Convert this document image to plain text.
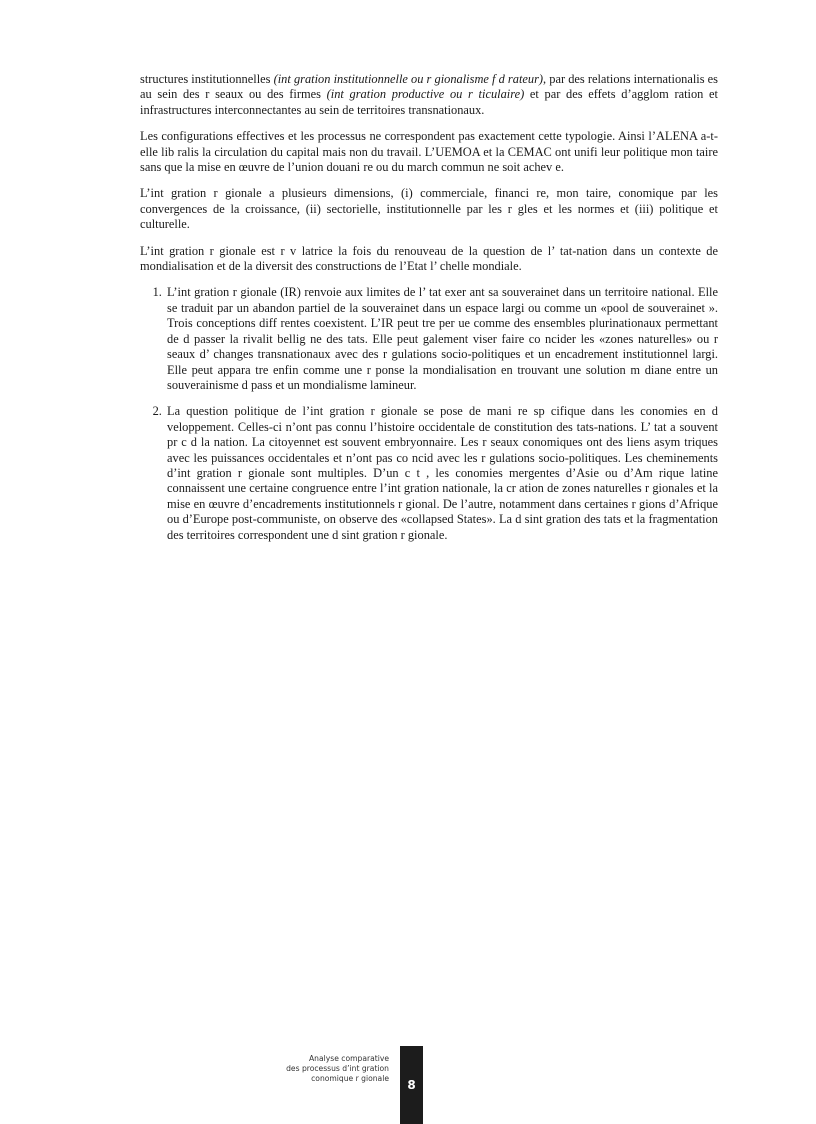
structures institutionnelles (int gration institutionnelle ou r gionalisme f d rateur), par des relations internationalis es au sein des r seaux ou des firmes (int gration productive ou r ticulaire) et par des effets d’agglom ration et infrastructures interconnectantes au sein de territoires transnationaux.

Les configurations effectives et les processus ne correspondent pas exactement cette typologie. Ainsi l’ALENA a-t-elle lib ralis la circulation du capital mais non du travail. L’UEMOA et la CEMAC ont unifi leur politique mon taire sans que la mise en œuvre de l’union douani re ou du march commun ne soit achev e.

L’int gration r gionale a plusieurs dimensions, (i) commerciale, financi re, mon taire, conomique par les convergences de la croissance, (ii) sectorielle, institutionnelle par les r gles et les normes et (iii) politique et culturelle.

L’int gration r gionale est r v latrice la fois du renouveau de la question de l’ tat-nation dans un contexte de mondialisation et de la diversit des constructions de l’Etat l’ chelle mondiale.

1. L’int gration r gionale (IR) renvoie aux limites de l’ tat exer ant sa souverainet dans un territoire national. Elle se traduit par un abandon partiel de la souverainet dans un espace largi ou comme un «pool de souverainet ». Trois conceptions diff rentes coexistent. L’IR peut tre per ue comme des ensembles plurinationaux permettant de d passer la rivalit bellig ne des tats. Elle peut galement viser faire co ncider les «zones naturelles» ou r seaux d’ changes transnationaux avec des r gulations socio-politiques et un encadrement institutionnel largi. Elle peut appara tre enfin comme une r ponse la mondialisation en trouvant une solution m diane entre un souverainisme d pass et un mondialisme lamineur.
2. La question politique de l’int gration r gionale se pose de mani re sp cifique dans les conomies en d veloppement. Celles-ci n’ont pas connu l’histoire occidentale de constitution des tats-nations. L’ tat a souvent pr c d la nation. La citoyennet est souvent embryonnaire. Les r seaux conomiques ont des liens asym triques avec les puissances occidentales et n’ont pas co ncid avec les r gulations socio-politiques. Les cheminements d’int gration r gionale sont multiples. D’un c t , les conomies mergentes d’Asie ou d’Am rique latine connaissent une certaine congruence entre l’int gration nationale, la cr ation de zones naturelles r gionales et la mise en œuvre d’encadrements institutionnels r gional. De l’autre, notamment dans certaines r gions d’Afrique ou d’Europe post-communiste, on observe des «collapsed States». La d sint gration des tats et la fragmentation des territoires correspondent une d sint gration r gionale.
Analyse comparative
des processus d’int gration
conomique r gionale	8
